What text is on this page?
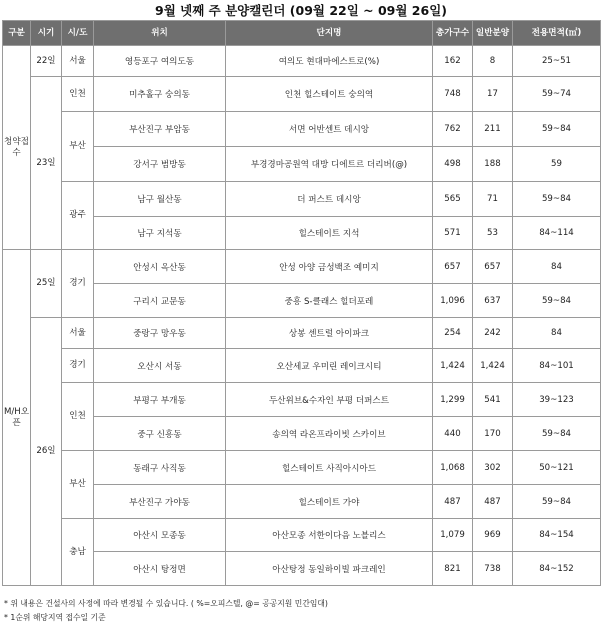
9월 넷째 주 분양캘린더 (09월 22일 ~ 09월 26일)
구분	시기	시/도	위치	단지명	총가구수	일반분양	전용면적(㎡)
청약접수	22일	서울	영등포구 여의도동	여의도 현대마에스트로(%)	162	8	25~51
	23일	인천	미추홀구 숭의동	인천 힐스테이트 숭의역	748	17	59~74
		부산	부산진구 부암동	서면 어반센트 데시앙	762	211	59~84
			강서구 범방동	부경경마공원역 대방 디에트르 더리버(@)	498	188	59
		광주	남구 월산동	더 퍼스트 데시앙	565	71	59~84
			남구 지석동	힐스테이트 지석	571	53	84~114
M/H오픈	25일	경기	안성시 옥산동	안성 아양 금성백조 예미지	657	657	84
			구리시 교문동	중흥 S-클래스 힐더포레	1,096	637	59~84
	26일	서울	중랑구 망우동	상봉 센트럴 아이파크	254	242	84
		경기	오산시 서동	오산세교 우미린 레이크시티	1,424	1,424	84~101
		인천	부평구 부개동	두산위브&수자인 부평 더퍼스트	1,299	541	39~123
			중구 신흥동	송의역 라온프라이빗 스카이브	440	170	59~84
		부산	동래구 사직동	힐스테이트 사직아시아드	1,068	302	50~121
			부산진구 가야동	힐스테이트 가야	487	487	59~84
		충남	아산시 모종동	아산모종 서한이다음 노블리스	1,079	969	84~154
			아산시 탕정면	아산탕정 동일하이빌 파크레인	821	738	84~152
* 위 내용은 건설사의 사정에 따라 변경될 수 있습니다. ( %=오피스텔, @= 공공지원 민간임대)
* 1순위 해당지역 접수일 기준
